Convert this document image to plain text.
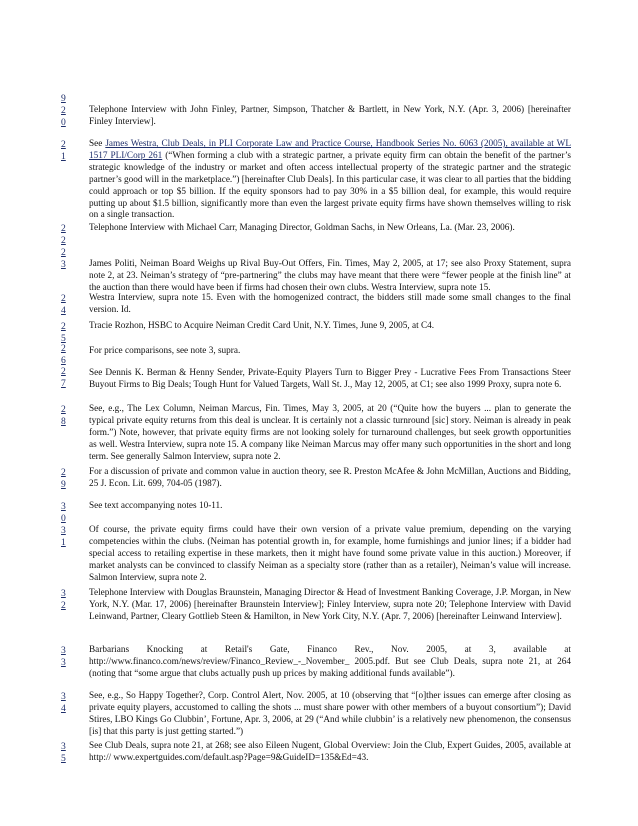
9
2
0
Telephone Interview with John Finley, Partner, Simpson, Thatcher & Bartlett, in New York, N.Y. (Apr. 3, 2006) [hereinafter Finley Interview].
2
1
See James Westra, Club Deals, in PLI Corporate Law and Practice Course, Handbook Series No. 6063 (2005), available at WL 1517 PLI/Corp 261 (“When forming a club with a strategic partner, a private equity firm can obtain the benefit of the partner’s strategic knowledge of the industry or market and often access intellectual property of the strategic partner and the strategic partner’s good will in the marketplace.”) [hereinafter Club Deals]. In this particular case, it was clear to all parties that the bidding could approach or top $5 billion. If the equity sponsors had to pay 30% in a $5 billion deal, for example, this would require putting up about $1.5 billion, significantly more than even the largest private equity firms have shown themselves willing to risk on a single transaction.
2
2
Telephone Interview with Michael Carr, Managing Director, Goldman Sachs, in New Orleans, La. (Mar. 23, 2006).
2
3	James Politi, Neiman Board Weighs up Rival Buy-Out Offers, Fin. Times, May 2, 2005, at 17; see also Proxy Statement, supra note 2, at 23. Neiman’s strategy of “pre-partnering” the clubs may have meant that there were “fewer people at the finish line” at the auction than there would have been if firms had chosen their own clubs. Westra Interview, supra note 15.
2
4
Westra Interview, supra note 15. Even with the homogenized contract, the bidders still made some small changes to the final version. Id.
2
5
Tracie Rozhon, HSBC to Acquire Neiman Credit Card Unit, N.Y. Times, June 9, 2005, at C4.
2
6
For price comparisons, see note 3, supra.
2
7
See Dennis K. Berman & Henny Sender, Private-Equity Players Turn to Bigger Prey - Lucrative Fees From Transactions Steer Buyout Firms to Big Deals; Tough Hunt for Valued Targets, Wall St. J., May 12, 2005, at C1; see also 1999 Proxy, supra note 6.
2
8
See, e.g., The Lex Column, Neiman Marcus, Fin. Times, May 3, 2005, at 20 (“Quite how the buyers ... plan to generate the typical private equity returns from this deal is unclear. It is certainly not a classic turnround [sic] story. Neiman is already in peak form.”) Note, however, that private equity firms are not looking solely for turnaround challenges, but seek growth opportunities as well. Westra Interview, supra note 15. A company like Neiman Marcus may offer many such opportunities in the short and long term. See generally Salmon Interview, supra note 2.
2
9
For a discussion of private and common value in auction theory, see R. Preston McAfee & John McMillan, Auctions and Bidding, 25 J. Econ. Lit. 699, 704-05 (1987).
3
0
See text accompanying notes 10-11.
3
1
Of course, the private equity firms could have their own version of a private value premium, depending on the varying competencies within the clubs. (Neiman has potential growth in, for example, home furnishings and junior lines; if a bidder had special access to retailing expertise in these markets, then it might have found some private value in this auction.) Moreover, if market analysts can be convinced to classify Neiman as a specialty store (rather than as a retailer), Neiman’s value will increase. Salmon Interview, supra note 2.
3
2
Telephone Interview with Douglas Braunstein, Managing Director & Head of Investment Banking Coverage, J.P. Morgan, in New York, N.Y. (Mar. 17, 2006) [hereinafter Braunstein Interview]; Finley Interview, supra note 20; Telephone Interview with David Leinwand, Partner, Cleary Gottlieb Steen & Hamilton, in New York City, N.Y. (Apr. 7, 2006) [hereinafter Leinwand Interview].
3
3
Barbarians Knocking at Retail's Gate, Financo Rev., Nov. 2005, at 3, available at http://www.financo.com/news/review/Financo_Review_-_November_ 2005.pdf. But see Club Deals, supra note 21, at 264 (noting that “some argue that clubs actually push up prices by making additional funds available”).
3
4
See, e.g., So Happy Together?, Corp. Control Alert, Nov. 2005, at 10 (observing that “[o]ther issues can emerge after closing as private equity players, accustomed to calling the shots ... must share power with other members of a buyout consortium”); David Stires, LBO Kings Go Clubbin’, Fortune, Apr. 3, 2006, at 29 (“And while clubbin’ is a relatively new phenomenon, the consensus [is] that this party is just getting started.”)
3
5
See Club Deals, supra note 21, at 268; see also Eileen Nugent, Global Overview: Join the Club, Expert Guides, 2005, available at http:// www.expertguides.com/default.asp?Page=9&GuideID=135&Ed=43.
